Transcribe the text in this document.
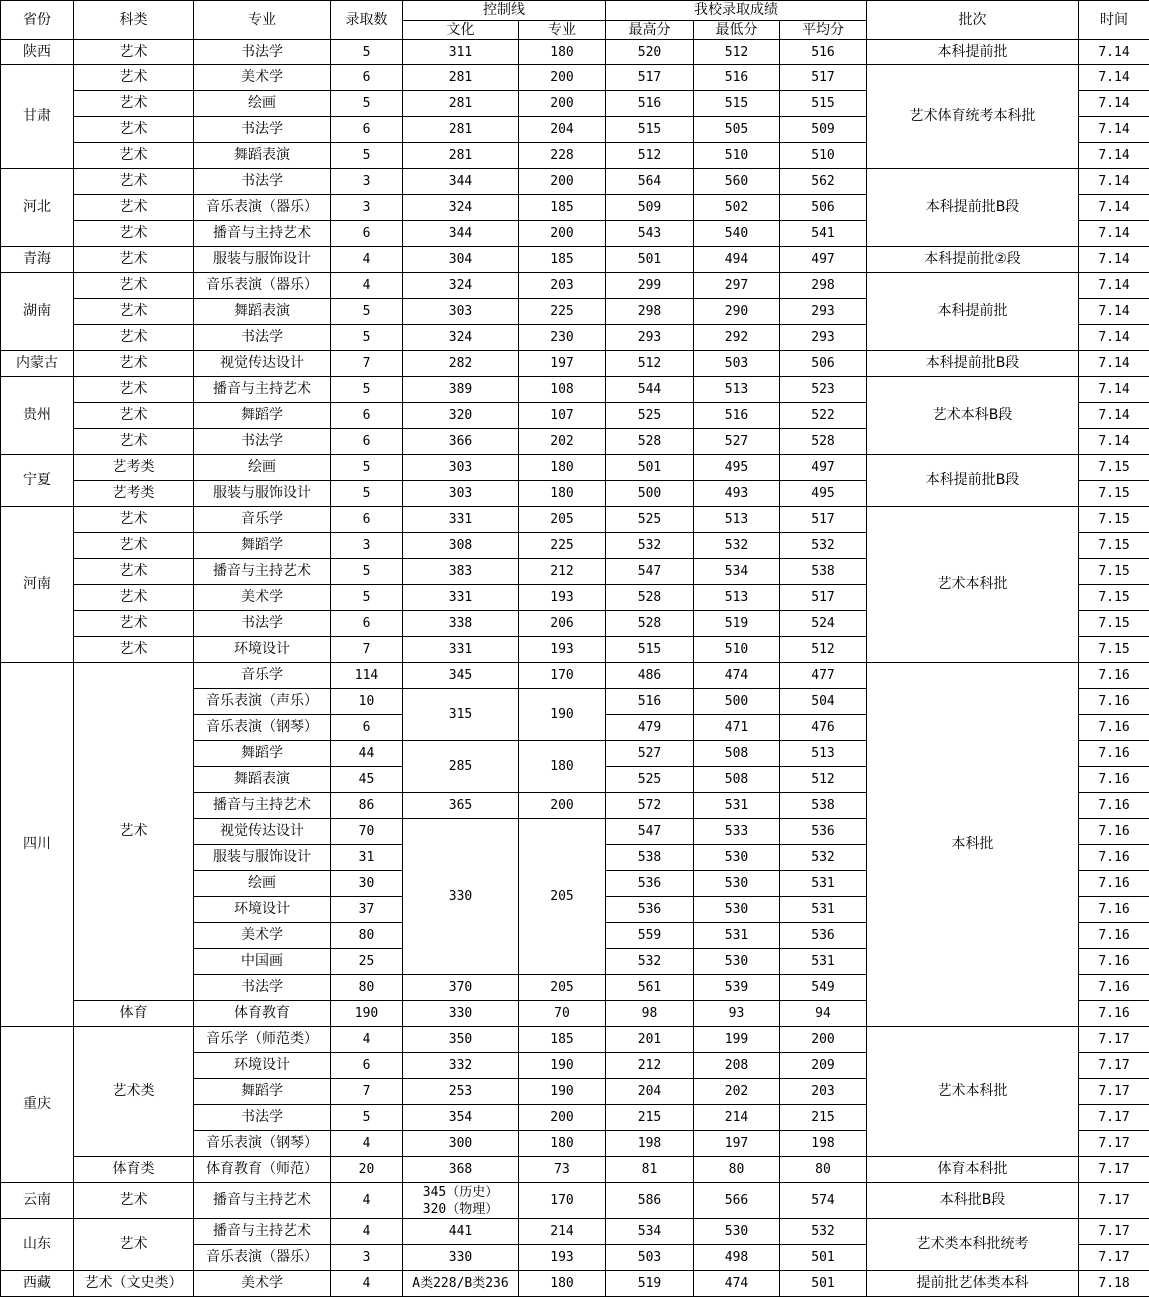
省份	科类	专业	录取数	控制线		我校录取成绩			批次	时间
				文化	专业	最高分	最低分	平均分		
陕西	艺术	书法学	5	311	180	520	512	516	本科提前批	7.14
甘肃	艺术	美术学	6	281	200	517	516	517	艺术体育统考本科批	7.14
	艺术	绘画	5	281	200	516	515	515		7.14
	艺术	书法学	6	281	204	515	505	509		7.14
	艺术	舞蹈表演	5	281	228	512	510	510		7.14
河北	艺术	书法学	3	344	200	564	560	562	本科提前批B段	7.14
	艺术	音乐表演（器乐）	3	324	185	509	502	506		7.14
	艺术	播音与主持艺术	6	344	200	543	540	541		7.14
青海	艺术	服装与服饰设计	4	304	185	501	494	497	本科提前批②段	7.14
湖南	艺术	音乐表演（器乐）	4	324	203	299	297	298	本科提前批	7.14
	艺术	舞蹈表演	5	303	225	298	290	293		7.14
	艺术	书法学	5	324	230	293	292	293		7.14
内蒙古	艺术	视觉传达设计	7	282	197	512	503	506	本科提前批B段	7.14
贵州	艺术	播音与主持艺术	5	389	108	544	513	523	艺术本科B段	7.14
	艺术	舞蹈学	6	320	107	525	516	522		7.14
	艺术	书法学	6	366	202	528	527	528		7.14
宁夏	艺考类	绘画	5	303	180	501	495	497	本科提前批B段	7.15
	艺考类	服装与服饰设计	5	303	180	500	493	495		7.15
河南	艺术	音乐学	6	331	205	525	513	517	艺术本科批	7.15
	艺术	舞蹈学	3	308	225	532	532	532		7.15
	艺术	播音与主持艺术	5	383	212	547	534	538		7.15
	艺术	美术学	5	331	193	528	513	517		7.15
	艺术	书法学	6	338	206	528	519	524		7.15
	艺术	环境设计	7	331	193	515	510	512		7.15
四川	艺术	音乐学	114	345	170	486	474	477	本科批	7.16
		音乐表演（声乐）	10	315	190	516	500	504		7.16
		音乐表演（钢琴）	6			479	471	476		7.16
		舞蹈学	44	285	180	527	508	513		7.16
		舞蹈表演	45			525	508	512		7.16
		播音与主持艺术	86	365	200	572	531	538		7.16
		视觉传达设计	70	330	205	547	533	536		7.16
		服装与服饰设计	31			538	530	532		7.16
		绘画	30			536	530	531		7.16
		环境设计	37			536	530	531		7.16
		美术学	80			559	531	536		7.16
		中国画	25			532	530	531		7.16
		书法学	80	370	205	561	539	549		7.16
	体育	体育教育	190	330	70	98	93	94		7.16
重庆	艺术类	音乐学（师范类）	4	350	185	201	199	200	艺术本科批	7.17
		环境设计	6	332	190	212	208	209		7.17
		舞蹈学	7	253	190	204	202	203		7.17
		书法学	5	354	200	215	214	215		7.17
		音乐表演（钢琴）	4	300	180	198	197	198		7.17
	体育类	体育教育（师范）	20	368	73	81	80	80	体育本科批	7.17
云南	艺术	播音与主持艺术	4	345（历史）
320（物理）	170	586	566	574	本科批B段	7.17
山东	艺术	播音与主持艺术	4	441	214	534	530	532	艺术类本科批统考	7.17
		音乐表演（器乐）	3	330	193	503	498	501		7.17
西藏	艺术（文史类）	美术学	4	A类228/B类236	180	519	474	501	提前批艺体类本科	7.18
